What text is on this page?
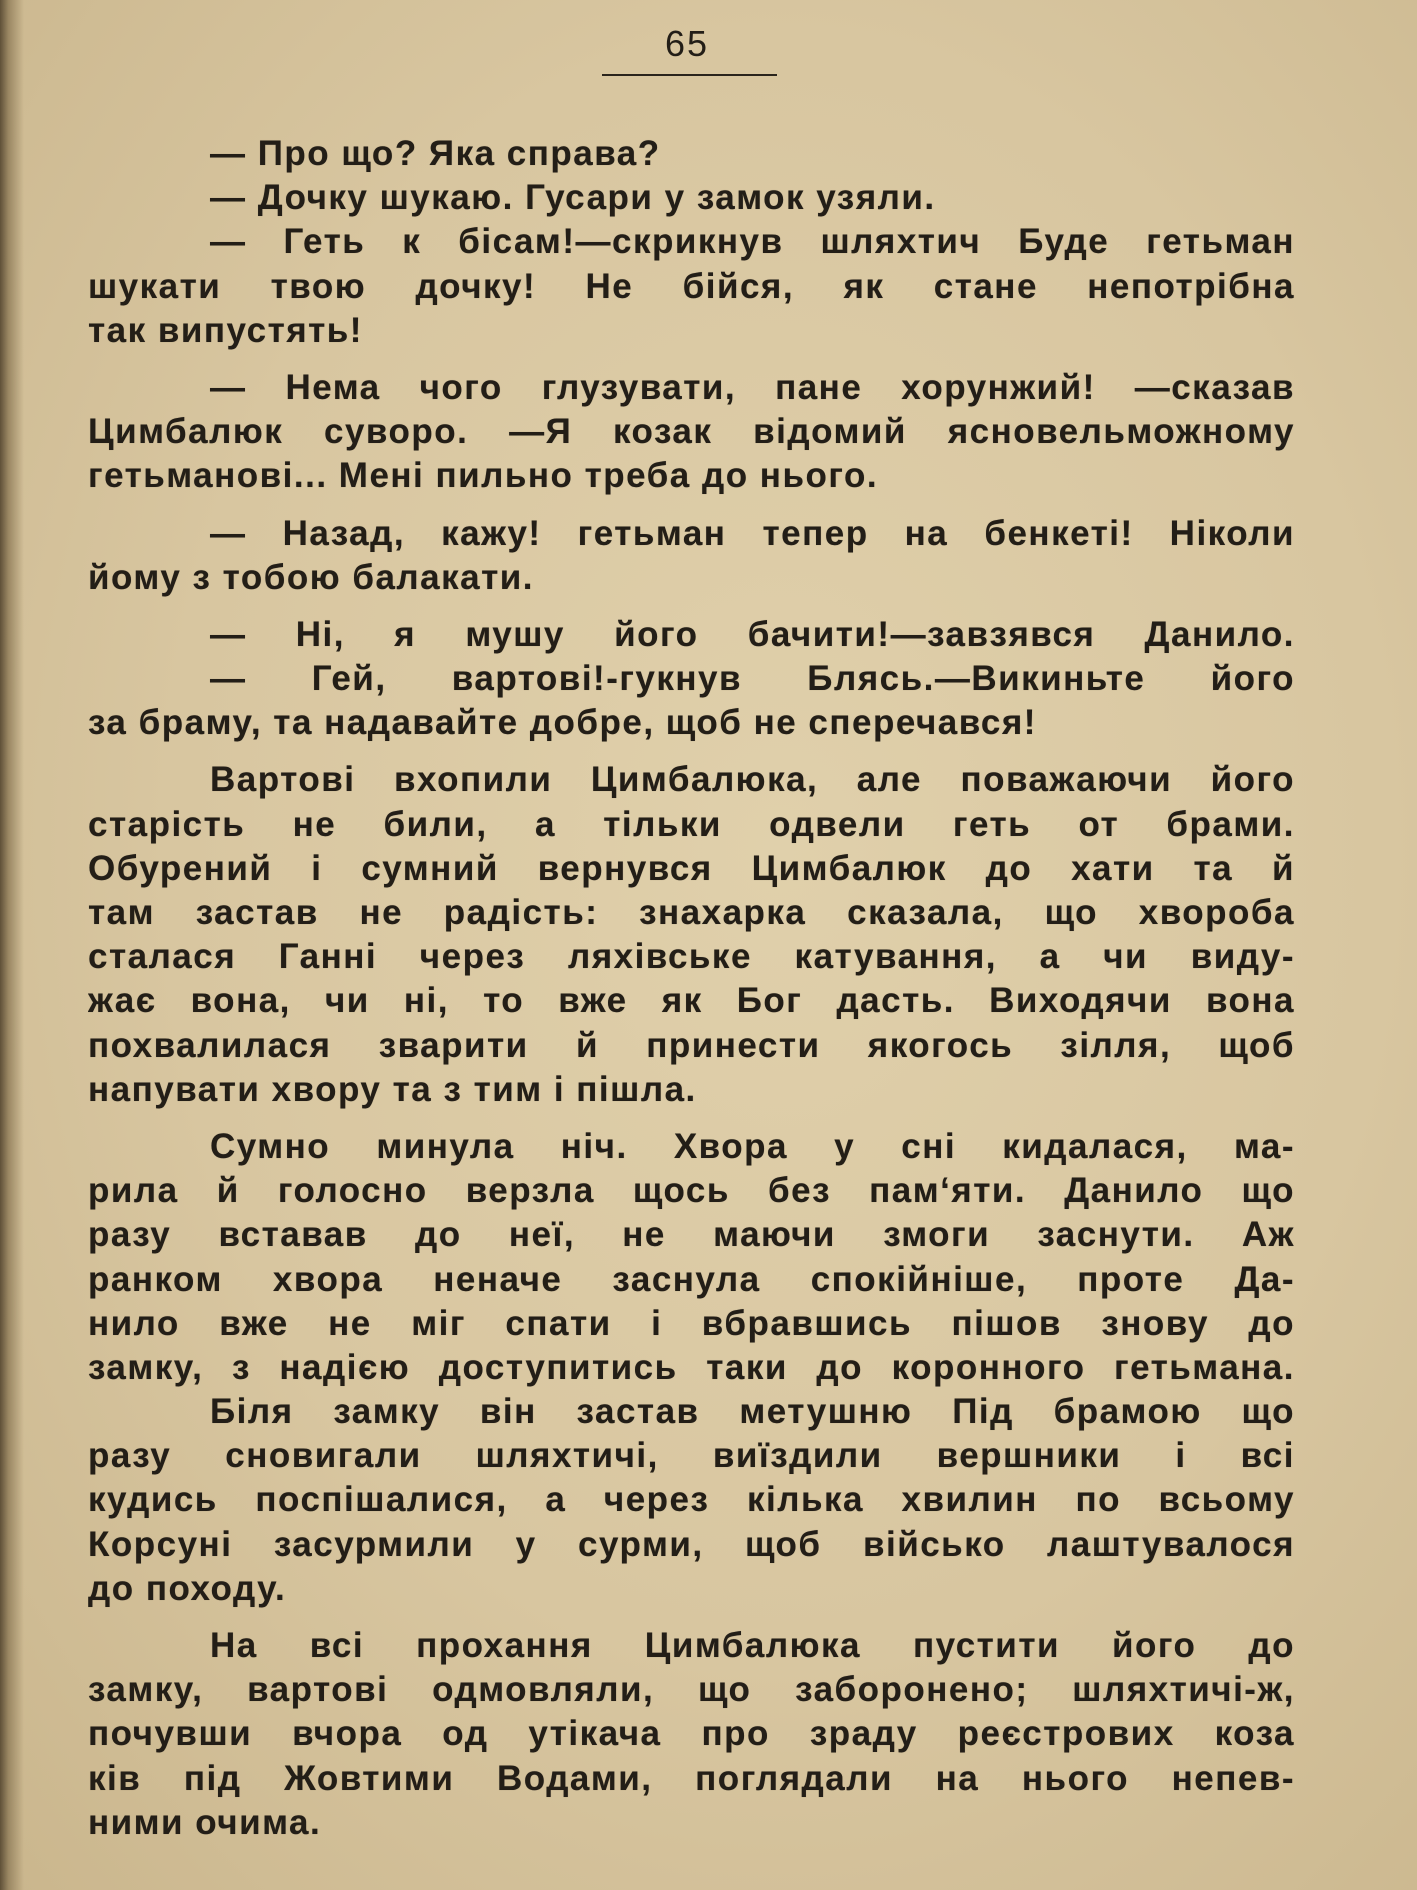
65
— Про що? Яка справа?
— Дочку шукаю. Гусари у замок узяли.
— Геть к бісам!—скрикнув шляхтич Буде гетьман
шукати твою дочку! Не бійся, як стане непотрібна
так випустять!
— Нема чого глузувати, пане хорунжий! —сказав
Цимбалюк суворо. —Я козак відомий ясновельможному
гетьманові... Мені пильно треба до нього.
— Назад, кажу! гетьман тепер на бенкеті! Ніколи
йому з тобою балакати.
— Ні, я мушу його бачити!—завзявся Данило.
— Гей, вартові!-гукнув Блясь.—Викиньте його
за браму, та надавайте добре, щоб не сперечався!
Вартові вхопили Цимбалюка, але поважаючи його
старість не били, а тільки одвели геть от брами.
Обурений і сумний вернувся Цимбалюк до хати та й
там застав не радість: знахарка сказала, що хвороба
сталася Ганні через ляхівське катування, а чи виду-
жає вона, чи ні, то вже як Бог дасть. Виходячи вона
похвалилася зварити й принести якогось зілля, щоб
напувати хвору та з тим і пішла.
Сумно минула ніч. Хвора у сні кидалася, ма-
рила й голосно верзла щось без пам‘яти. Данило що
разу вставав до неї, не маючи змоги заснути. Аж
ранком хвора неначе заснула спокійніше, проте Да-
нило вже не міг спати і вбравшись пішов знову до
замку, з надією доступитись таки до коронного гетьмана.
Біля замку він застав метушню Під брамою що
разу сновигали шляхтичі, виїздили вершники і всі
кудись поспішалися, а через кілька хвилин по всьому
Корсуні засурмили у сурми, щоб військо лаштувалося
до походу.
На всі прохання Цимбалюка пустити його до
замку, вартові одмовляли, що заборонено; шляхтичі-ж,
почувши вчора од утікача про зраду реєстрових коза
ків під Жовтими Водами, поглядали на нього непев-
ними очима.
